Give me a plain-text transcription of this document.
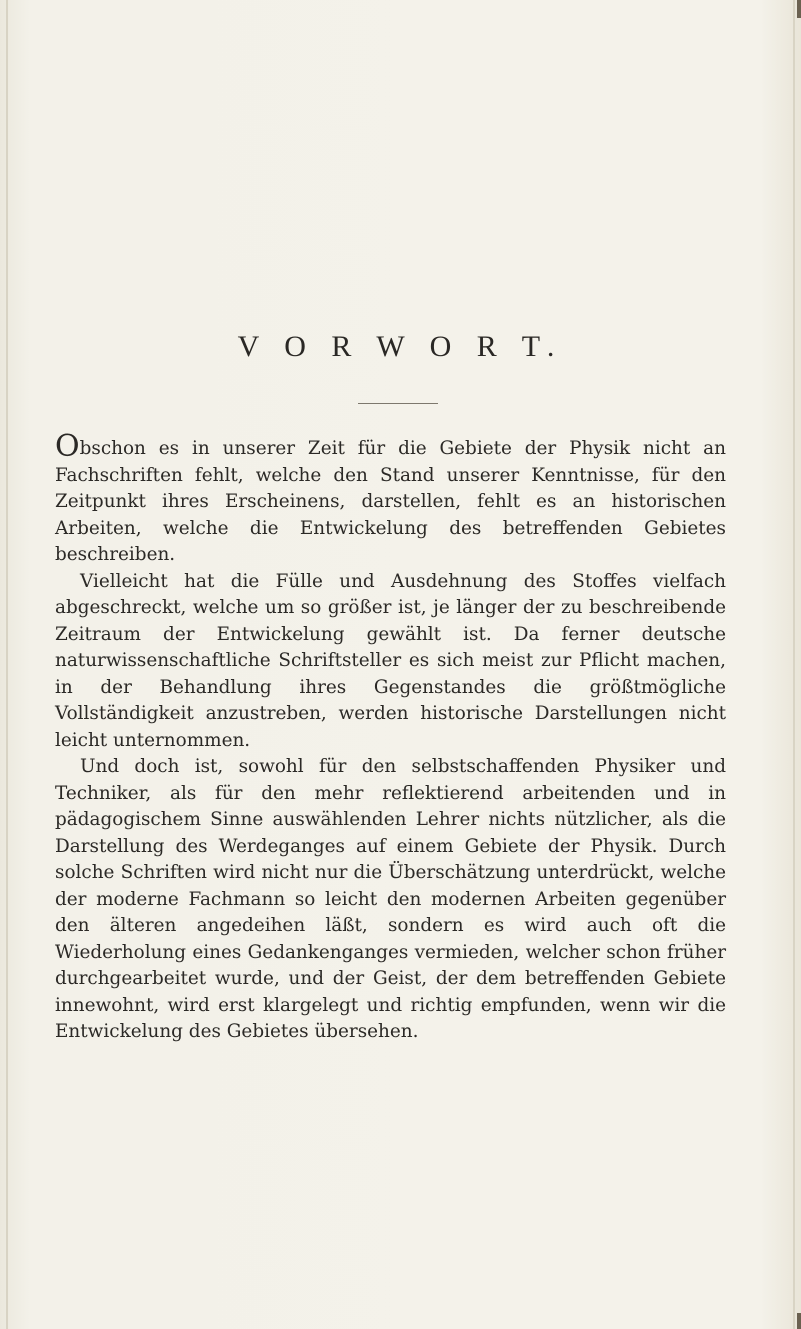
V O R W O R T.

Obschon es in unserer Zeit für die Gebiete der Physik nicht an Fachschriften fehlt, welche den Stand unserer Kenntnisse, für den Zeitpunkt ihres Erscheinens, darstellen, fehlt es an historischen Arbeiten, welche die Entwickelung des betreffenden Gebietes beschreiben.

Vielleicht hat die Fülle und Ausdehnung des Stoffes vielfach abgeschreckt, welche um so größer ist, je länger der zu beschreibende Zeitraum der Entwickelung gewählt ist. Da ferner deutsche naturwissenschaftliche Schriftsteller es sich meist zur Pflicht machen, in der Behandlung ihres Gegenstandes die größtmögliche Vollständigkeit anzustreben, werden historische Darstellungen nicht leicht unternommen.

Und doch ist, sowohl für den selbstschaffenden Physiker und Techniker, als für den mehr reflektierend arbeitenden und in pädagogischem Sinne auswählenden Lehrer nichts nützlicher, als die Darstellung des Werdeganges auf einem Gebiete der Physik. Durch solche Schriften wird nicht nur die Überschätzung unterdrückt, welche der moderne Fachmann so leicht den modernen Arbeiten gegenüber den älteren angedeihen läßt, sondern es wird auch oft die Wiederholung eines Gedankenganges vermieden, welcher schon früher durchgearbeitet wurde, und der Geist, der dem betreffenden Gebiete innewohnt, wird erst klargelegt und richtig empfunden, wenn wir die Entwickelung des Gebietes übersehen.
